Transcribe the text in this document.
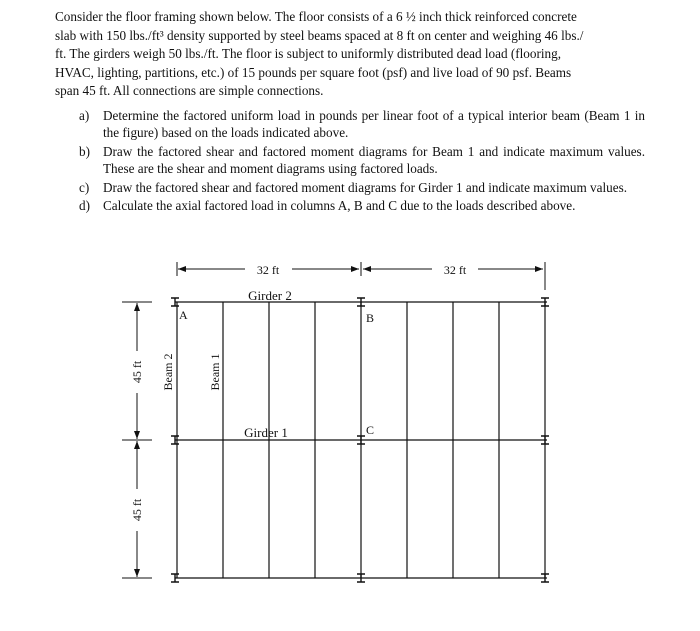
Consider the floor framing shown below. The floor consists of a 6 ½ inch thick reinforced concrete
slab with 150 lbs./ft³ density supported by steel beams spaced at 8 ft on center and weighing 46 lbs./
ft. The girders weigh 50 lbs./ft. The floor is subject to uniformly distributed dead load (flooring,
HVAC, lighting, partitions, etc.) of 15 pounds per square foot (psf) and live load of 90 psf. Beams
span 45 ft. All connections are simple connections.
a) Determine the factored uniform load in pounds per linear foot of a typical interior beam (Beam 1 in the figure) based on the loads indicated above.
b) Draw the factored shear and factored moment diagrams for Beam 1 and indicate maximum values. These are the shear and moment diagrams using factored loads.
c) Draw the factored shear and factored moment diagrams for Girder 1 and indicate maximum values.
d) Calculate the axial factored load in columns A, B and C due to the loads described above.
32 ft	32 ft
45 ft
45 ft
Girder 2
Girder 1
Beam 2	Beam 1
A	B
C
